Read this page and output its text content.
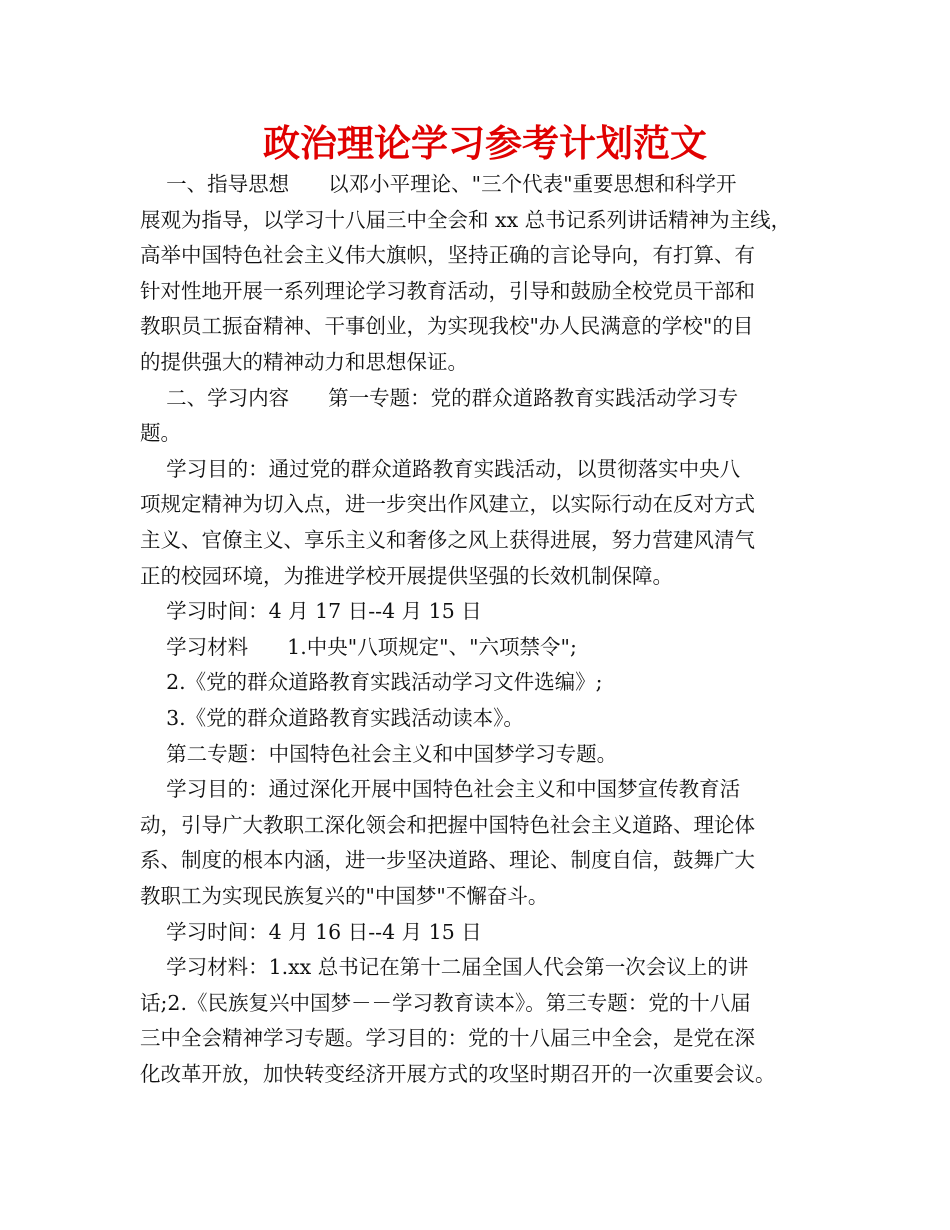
政治理论学习参考计划范文
一、指导思想      以邓小平理论、"三个代表"重要思想和科学开
展观为指导，以学习十八届三中全会和 xx 总书记系列讲话精神为主线，
高举中国特色社会主义伟大旗帜，坚持正确的言论导向，有打算、有
针对性地开展一系列理论学习教育活动，引导和鼓励全校党员干部和
教职员工振奋精神、干事创业，为实现我校"办人民满意的学校"的目
的提供强大的精神动力和思想保证。
二、学习内容      第一专题：党的群众道路教育实践活动学习专
题。
学习目的：通过党的群众道路教育实践活动，以贯彻落实中央八
项规定精神为切入点，进一步突出作风建立，以实际行动在反对方式
主义、官僚主义、享乐主义和奢侈之风上获得进展，努力营建风清气
正的校园环境，为推进学校开展提供坚强的长效机制保障。
学习时间：4 月 17 日--4 月 15 日
学习材料      1.中央"八项规定"、"六项禁令";
2.《党的群众道路教育实践活动学习文件选编》;
3.《党的群众道路教育实践活动读本》。
第二专题：中国特色社会主义和中国梦学习专题。
学习目的：通过深化开展中国特色社会主义和中国梦宣传教育活
动，引导广大教职工深化领会和把握中国特色社会主义道路、理论体
系、制度的根本内涵，进一步坚决道路、理论、制度自信，鼓舞广大
教职工为实现民族复兴的"中国梦"不懈奋斗。
学习时间：4 月 16 日--4 月 15 日
学习材料：1.xx 总书记在第十二届全国人代会第一次会议上的讲
话;2.《民族复兴中国梦－－学习教育读本》。第三专题：党的十八届
三中全会精神学习专题。学习目的：党的十八届三中全会，是党在深
化改革开放，加快转变经济开展方式的攻坚时期召开的一次重要会议。
